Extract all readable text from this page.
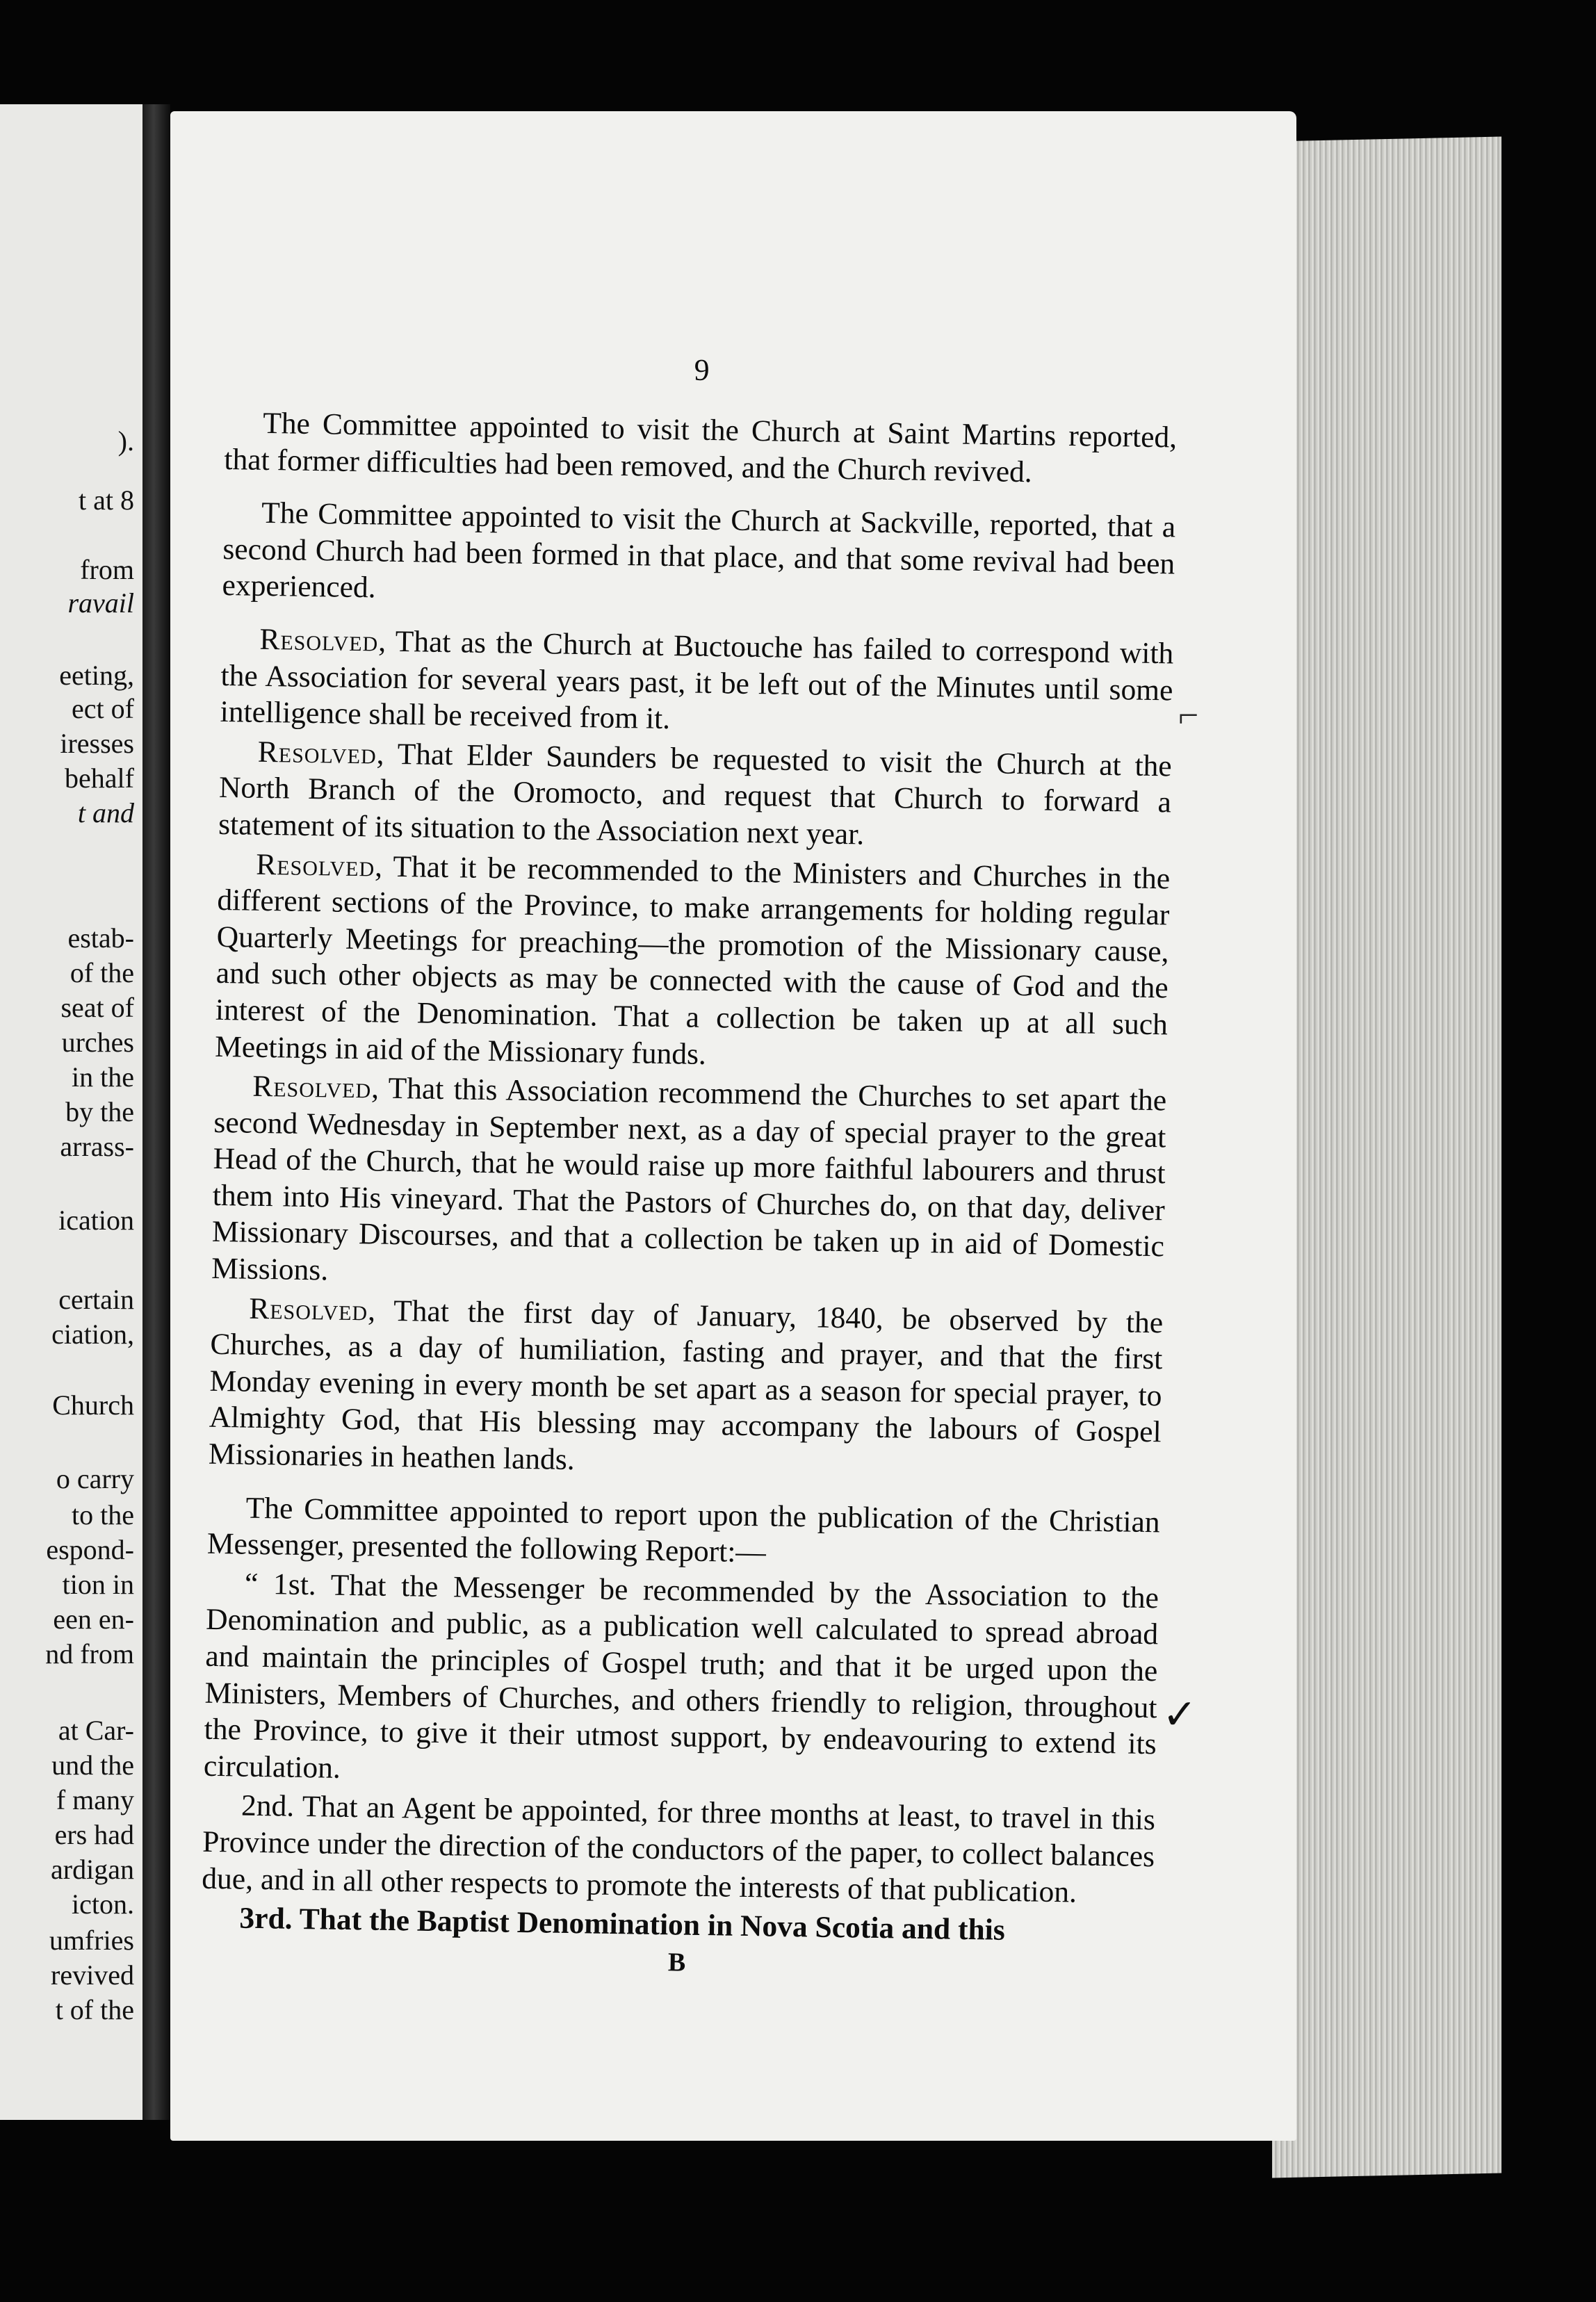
).
t at 8
from
ravail
eeting,
ect of
iresses
behalf
t and
estab-
of the
seat of
urches
in the
by the
arrass-
ication
certain
ciation,
Church
o carry
to the
espond-
tion in
een en-
nd from
at Car-
und the
f many
ers had
ardigan
icton.
umfries
revived
t of the
9

The Committee appointed to visit the Church at Saint Martins reported, that former difficulties had been removed, and the Church revived.

The Committee appointed to visit the Church at Sackville, reported, that a second Church had been formed in that place, and that some revival had been experienced.

Resolved, That as the Church at Buctouche has failed to correspond with the Association for several years past, it be left out of the Minutes until some intelligence shall be received from it.

Resolved, That Elder Saunders be requested to visit the Church at the North Branch of the Oromocto, and request that Church to forward a statement of its situation to the Association next year.

Resolved, That it be recommended to the Ministers and Churches in the different sections of the Province, to make arrangements for holding regular Quarterly Meetings for preaching—the promotion of the Missionary cause, and such other objects as may be connected with the cause of God and the interest of the Denomination. That a collection be taken up at all such Meetings in aid of the Missionary funds.

Resolved, That this Association recommend the Churches to set apart the second Wednesday in September next, as a day of special prayer to the great Head of the Church, that he would raise up more faithful labourers and thrust them into His vineyard. That the Pastors of Churches do, on that day, deliver Missionary Discourses, and that a collection be taken up in aid of Domestic Missions.

Resolved, That the first day of January, 1840, be observed by the Churches, as a day of humiliation, fasting and prayer, and that the first Monday evening in every month be set apart as a season for special prayer, to Almighty God, that His blessing may accompany the labours of Gospel Missionaries in heathen lands.

The Committee appointed to report upon the publication of the Christian Messenger, presented the following Report:—

“ 1st. That the Messenger be recommended by the Association to the Denomination and public, as a publication well calculated to spread abroad and maintain the principles of Gospel truth; and that it be urged upon the Ministers, Members of Churches, and others friendly to religion, throughout the Province, to give it their utmost support, by endeavouring to extend its circulation.

2nd. That an Agent be appointed, for three months at least, to travel in this Province under the direction of the conductors of the paper, to collect balances due, and in all other respects to promote the interests of that publication.

3rd. That the Baptist Denomination in Nova Scotia and this

B
⌐
✓
